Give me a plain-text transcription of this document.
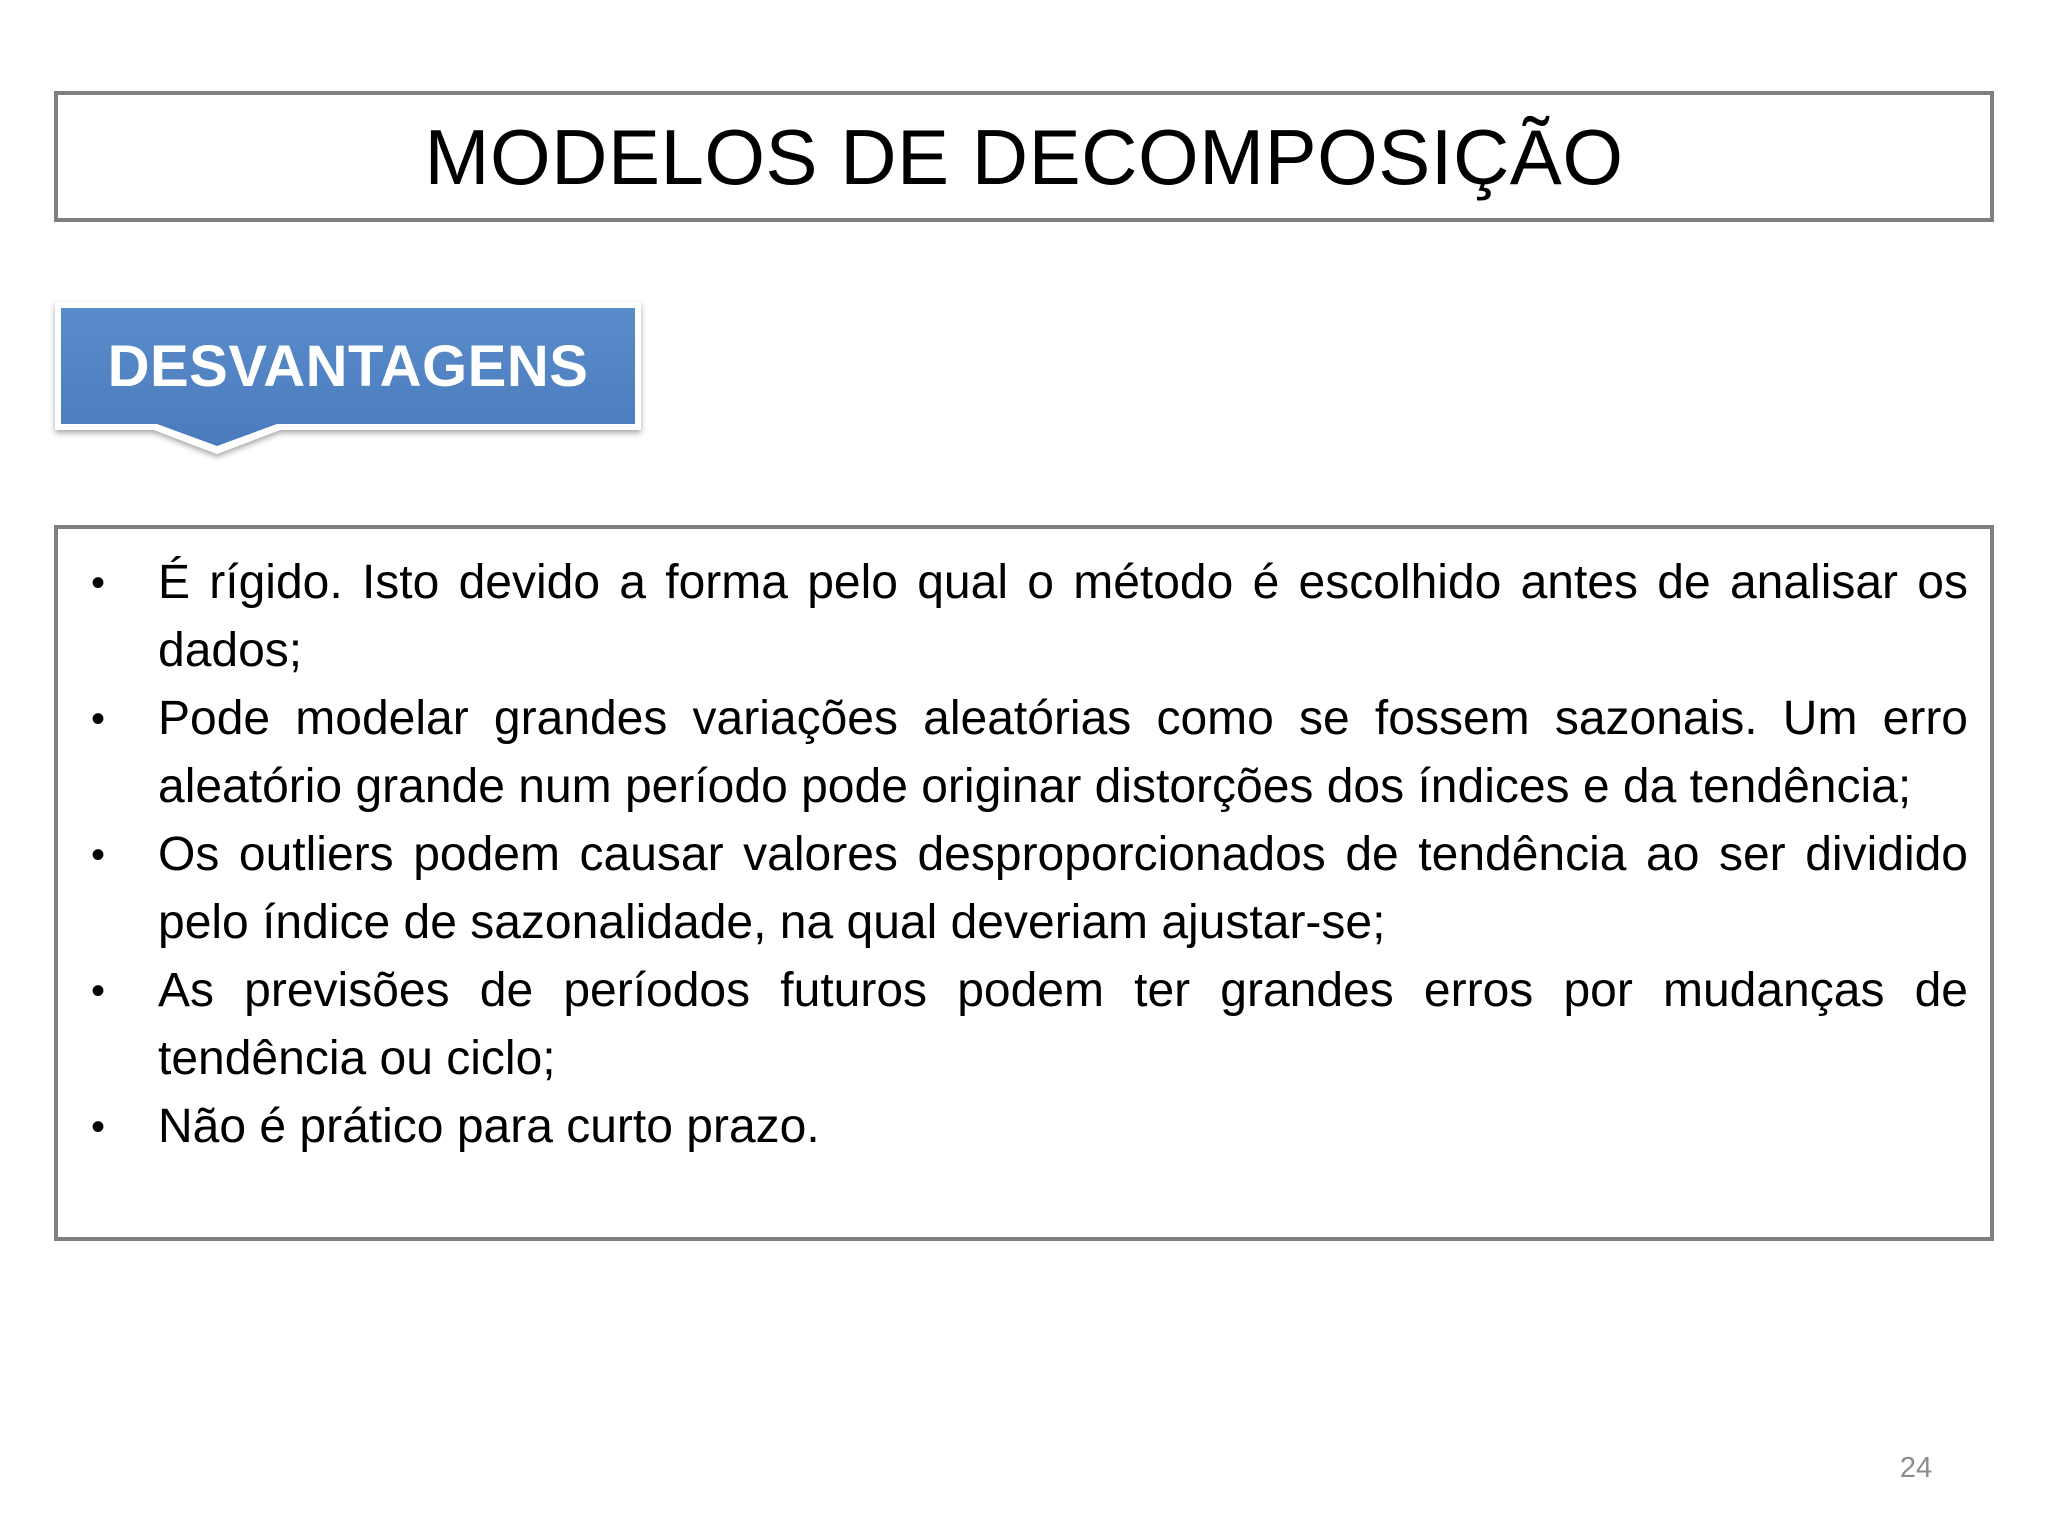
MODELOS DE DECOMPOSIÇÃO
DESVANTAGENS
• É rígido. Isto devido a forma pelo qual o método é escolhido antes de analisar os dados;
• Pode modelar grandes variações aleatórias como se fossem sazonais. Um erro aleatório grande num período pode originar distorções dos índices e da tendência;
• Os outliers podem causar valores desproporcionados de tendência ao ser dividido pelo índice de sazonalidade, na qual deveriam ajustar-se;
• As previsões de períodos futuros podem ter grandes erros por mudanças de tendência ou ciclo;
• Não é prático para curto prazo.
24
